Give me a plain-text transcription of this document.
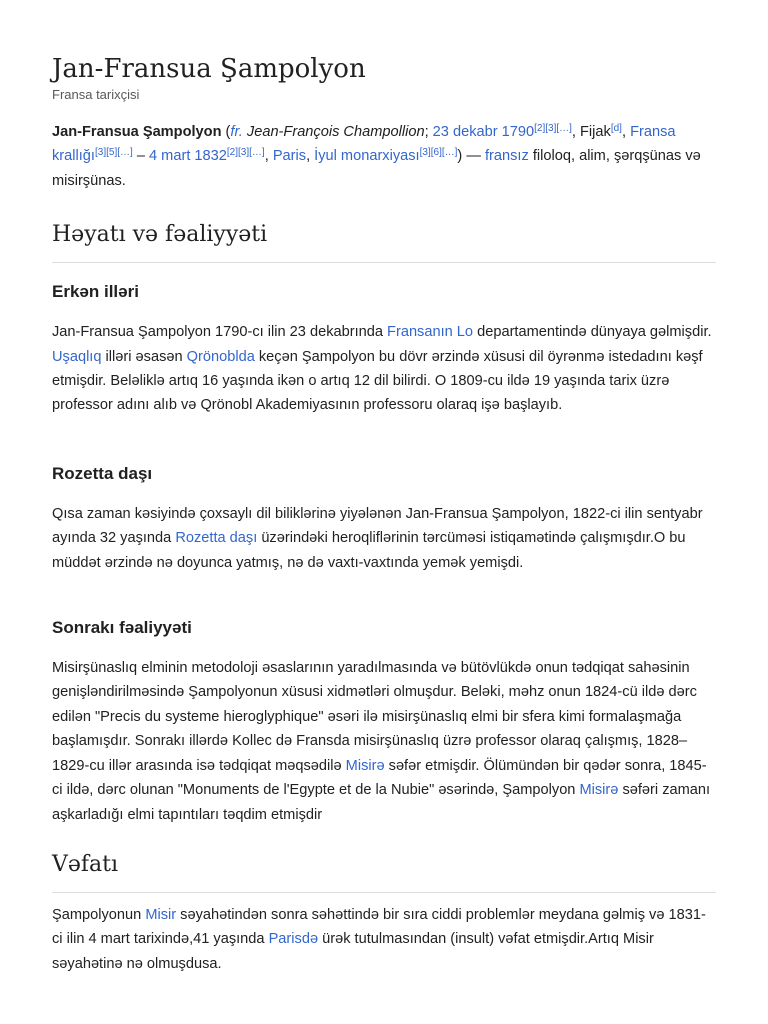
Jan-Fransua Şampolyon
Fransa tarixçisi

Jan-Fransua Şampolyon (fr. Jean-François Champollion; 23 dekabr 1790[2][3][…], Fijak[d], Fransa krallığı[3][5][…] – 4 mart 1832[2][3][…], Paris, İyul monarxiyası[3][6][…]) — fransız filoloq, alim, şərqşünas və misirşünas.

Həyatı və fəaliyyəti
Erkən illəri

Jan-Fransua Şampolyon 1790-cı ilin 23 dekabrında Fransanın Lo departamentində dünyaya gəlmişdir. Uşaqlıq illəri əsasən Qrönoblda keçən Şampolyon bu dövr ərzində xüsusi dil öyrənmə istedadını kəşf etmişdir. Beləliklə artıq 16 yaşında ikən o artıq 12 dil bilirdi. O 1809-cu ildə 19 yaşında tarix üzrə professor adını alıb və Qrönobl Akademiyasının professoru olaraq işə başlayıb.

Rozetta daşı

Qısa zaman kəsiyində çoxsaylı dil biliklərinə yiyələnən Jan-Fransua Şampolyon, 1822-ci ilin sentyabr ayında 32 yaşında Rozetta daşı üzərindəki heroqliflərinin tərcüməsi istiqamətində çalışmışdır.O bu müddət ərzində nə doyunca yatmış, nə də vaxtı-vaxtında yemək yemişdi.

Sonrakı fəaliyyəti

Misirşünaslıq elminin metodoloji əsaslarının yaradılmasında və bütövlükdə onun tədqiqat sahəsinin genişləndirilməsində Şampolyonun xüsusi xidmətləri olmuşdur. Beləki, məhz onun 1824-cü ildə dərc edilən "Precis du systeme hieroglyphique" əsəri ilə misirşünaslıq elmi bir sfera kimi formalaşmağa başlamışdır. Sonrakı illərdə Kollec də Fransda misirşünaslıq üzrə professor olaraq çalışmış, 1828–1829-cu illər arasında isə tədqiqat məqsədilə Misirə səfər etmişdir. Ölümündən bir qədər sonra, 1845-ci ildə, dərc olunan "Monuments de l'Egypte et de la Nubie" əsərində, Şampolyon Misirə səfəri zamanı aşkarladığı elmi tapıntıları təqdim etmişdir

Vəfatı

Şampolyonun Misir səyahətindən sonra səhəttində bir sıra ciddi problemlər meydana gəlmiş və 1831-ci ilin 4 mart tarixində,41 yaşında Parisdə ürək tutulmasından (insult) vəfat etmişdir.Artıq Misir səyahətinə nə olmuşdusa.
